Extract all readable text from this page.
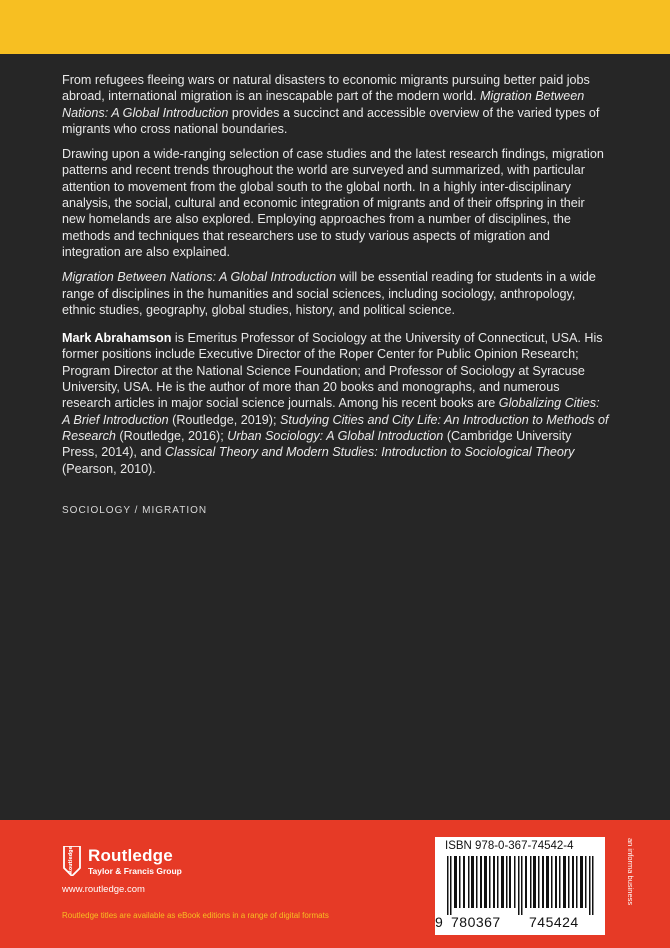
From refugees fleeing wars or natural disasters to economic migrants pursuing better paid jobs abroad, international migration is an inescapable part of the modern world. Migration Between Nations: A Global Introduction provides a succinct and accessible overview of the varied types of migrants who cross national boundaries.

Drawing upon a wide-ranging selection of case studies and the latest research findings, migration patterns and recent trends throughout the world are surveyed and summarized, with particular attention to movement from the global south to the global north. In a highly inter-disciplinary analysis, the social, cultural and economic integration of migrants and of their offspring in their new homelands are also explored. Employing approaches from a number of disciplines, the methods and techniques that researchers use to study various aspects of migration and integration are also explained.

Migration Between Nations: A Global Introduction will be essential reading for students in a wide range of disciplines in the humanities and social sciences, including sociology, anthropology, ethnic studies, geography, global studies, history, and political science.

Mark Abrahamson is Emeritus Professor of Sociology at the University of Connecticut, USA. His former positions include Executive Director of the Roper Center for Public Opinion Research; Program Director at the National Science Foundation; and Professor of Sociology at Syracuse University, USA. He is the author of more than 20 books and monographs, and numerous research articles in major social science journals. Among his recent books are Globalizing Cities: A Brief Introduction (Routledge, 2019); Studying Cities and City Life: An Introduction to Methods of Research (Routledge, 2016); Urban Sociology: A Global Introduction (Cambridge University Press, 2014), and Classical Theory and Modern Studies: Introduction to Sociological Theory (Pearson, 2010).

SOCIOLOGY / MIGRATION
Routledge Routledge
Taylor & Francis Group
www.routledge.com
Routledge titles are available as eBook editions in a range of digital formats
ISBN 978-0-367-74542-4
9 780367 745424
an informa business
